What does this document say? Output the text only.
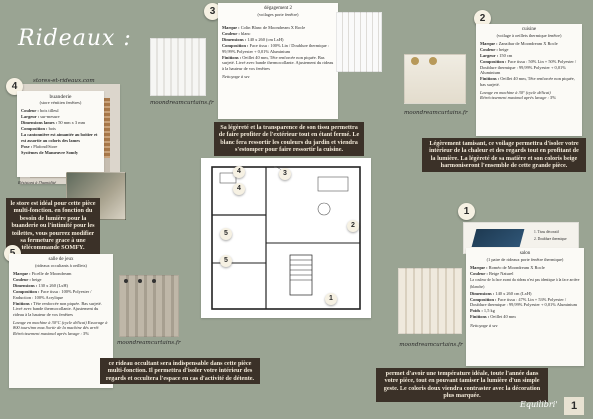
Rideaux :
stores-et-rideaux.com
4
buanderie
(store vénitien fenêtres)

Couleur : bois tilleul

Largeur : sur-mesure

Dimensions lames : 50 mm x 3 mm

Composition : bois

La cantonnière est aimantée au boitier et est assortie au coloris des lames

Pose : Plafond/Store

Systèmes de Manœuvre Somfy

Résistant à l'humidité
le store est idéal pour cette pièce multi-fonction. en fonction du besoin de lumière pour la buanderie ou l'intimité pour les toilettes, vous pourrez modifier sa fermeture grace à une télécommande SOMFY.
moondreamcurtains.fr
3	dégagement 2
(voilages porte fenêtre)

Marque : Colin Blanc de Moondream X Rocle

Couleur : blanc

Dimensions : 140 x 260 (cm LxH)

Composition : Face tissu : 100% Lin / Doublure thermique : 99,99% Polyester + 0,01% Aluminium

Finitions : Oeillet 40 mm, Tête renforcée non piquée. Bas surjeté. Livré avec bande thermocollante. Ajustement du rideau à la hauteur de vos fenêtres

Nettoyage à sec
Sa légèreté et la transparence de son tissu permettra de faire profiter de l'extérieur tout en étant fermé. Le blanc fera ressortir les couleurs du jardin et viendra s'estomper pour faire ressortir la cuisine.
2
moondreamcurtains.fr
cuisine
(voilage à oeillets thermique fenêtre)

Marque : Zanzibar de Moondream X Rocle

Couleur : beige

Largeur : 150 cm

Composition : Face tissu : 50% Lin + 50% Polyester / Doublure thermique : 99,99% Polyester + 0,01% Aluminium

Finitions : Oeillet 40 mm, Tête renforcée non piquée, bas surjeté.

Lavage en machine à 30° (cycle délicat) Rétrécissement maximal après lavage : 5%
Légèrement tamisant, ce voilage permettra d'isoler votre intérieur de la chaleur et des regards tout en profitant de la lumière. La légèreté de sa matière et son coloris beige harmoniseront l'ensemble de cette grande pièce.
4
4
3
5
5
2
1
salle de jeux
(rideaux occultants à oeillets)

Marque : Ficelle de Moondream

Couleur : beige

Dimensions : 130 x 260 (LxH)

Composition : Face tissu : 100% Polyester / Enduction : 100% Acrylique

Finitions : Tête renforcée non piquée. Bas surjeté. Livré avec bande thermocollante. Ajustement du rideau à la hauteur de vos fenêtres

Lavage en machine à 30°C (cycle délicat) Essorage à 800 tours/mn max Sortir de la machine dès arrêt Rétrécissement maximal après lavage : 5%
moondreamcurtains.fr
ce rideau occultant sera indispensable dans cette pièce multi-fonction. Il permettra d'isoler votre intérieur des regards et occultera l'espace en cas d'activité de détente.
1
1. Tissu décoratif
2. Doublure thermique
salon
(1 paire de rideaux porte fenêtre thermique)

Marque : Roméo de Moondream X Rocle

Couleur : Beige Naturel

La couleur de la face avant du rideau n'est pas identique à la face arrière (blanche)

Dimensions : 140 x 260 cm (LxH)

Composition : Face tissu : 47% Lin + 53% Polyester / Doublure thermique : 99,99% Polyester + 0,01% Aluminium

Poids : 1,5 kg

Finitions : Oeillet 40 mm

Nettoyage à sec
moondreamcurtains.fr
permet d'avoir une température idéale, toute l'année dans votre pièce, tout en pouvant tamiser la lumière d'un simple geste. Le coloris doux viendra contraster avec la décoration plus marquée.
Equilibri'	1
